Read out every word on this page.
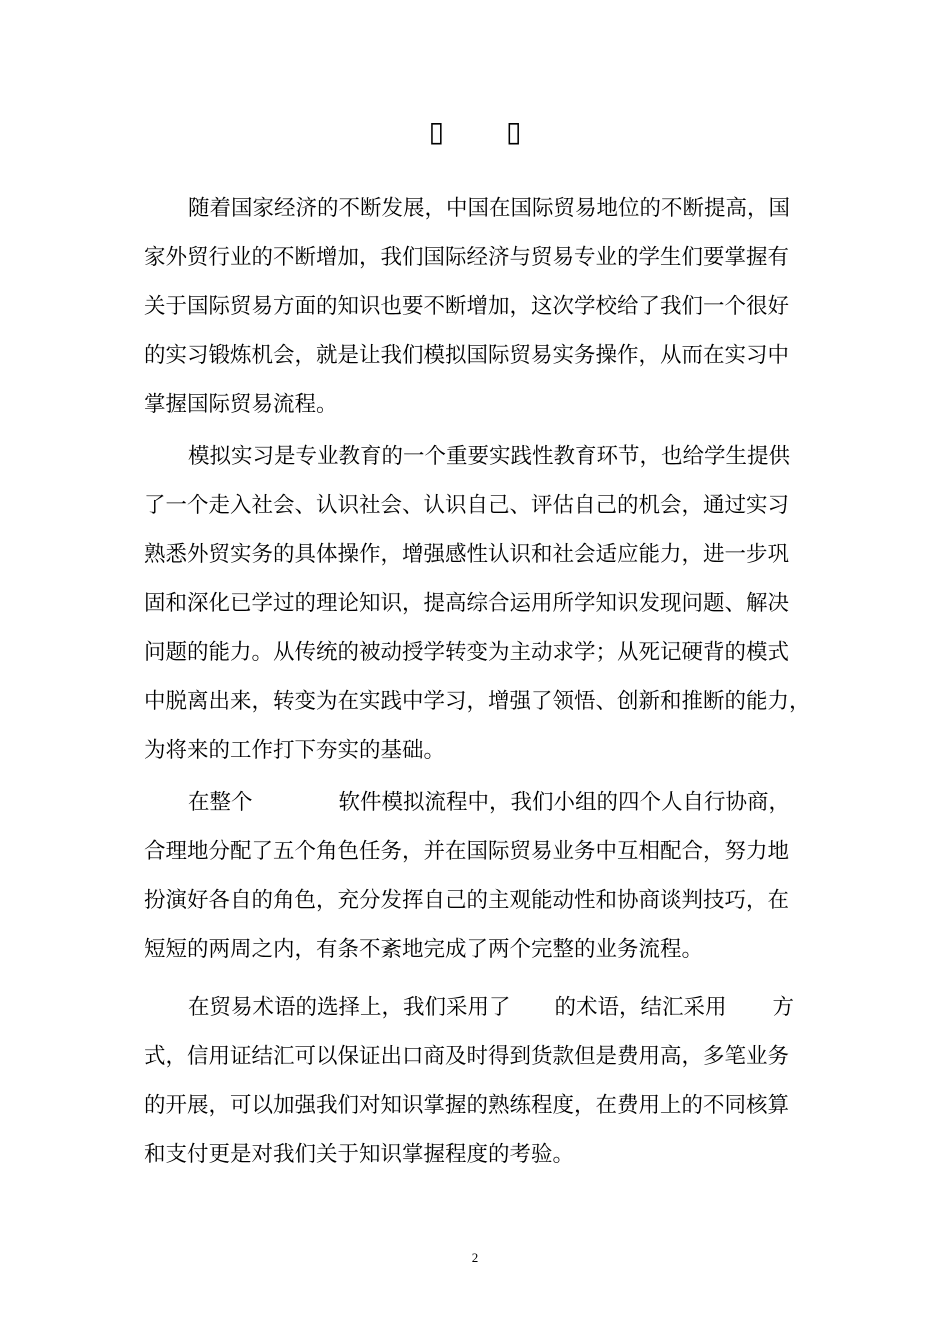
▯ ▯
随着国家经济的不断发展，中国在国际贸易地位的不断提高，国
家外贸行业的不断增加，我们国际经济与贸易专业的学生们要掌握有
关于国际贸易方面的知识也要不断增加，这次学校给了我们一个很好
的实习锻炼机会，就是让我们模拟国际贸易实务操作，从而在实习中
掌握国际贸易流程。
模拟实习是专业教育的一个重要实践性教育环节，也给学生提供
了一个走入社会、认识社会、认识自己、评估自己的机会，通过实习
熟悉外贸实务的具体操作，增强感性认识和社会适应能力，进一步巩
固和深化已学过的理论知识，提高综合运用所学知识发现问题、解决
问题的能力。从传统的被动授学转变为主动求学；从死记硬背的模式
中脱离出来，转变为在实践中学习，增强了领悟、创新和推断的能力，
为将来的工作打下夯实的基础。
在整个	软件模拟流程中，我们小组的四个人自行协商，
合理地分配了五个角色任务，并在国际贸易业务中互相配合，努力地
扮演好各自的角色，充分发挥自己的主观能动性和协商谈判技巧，在
短短的两周之内，有条不紊地完成了两个完整的业务流程。
在贸易术语的选择上，我们采用了 的术语，结汇采用 方
式，信用证结汇可以保证出口商及时得到货款但是费用高，多笔业务
的开展，可以加强我们对知识掌握的熟练程度，在费用上的不同核算
和支付更是对我们关于知识掌握程度的考验。
2
